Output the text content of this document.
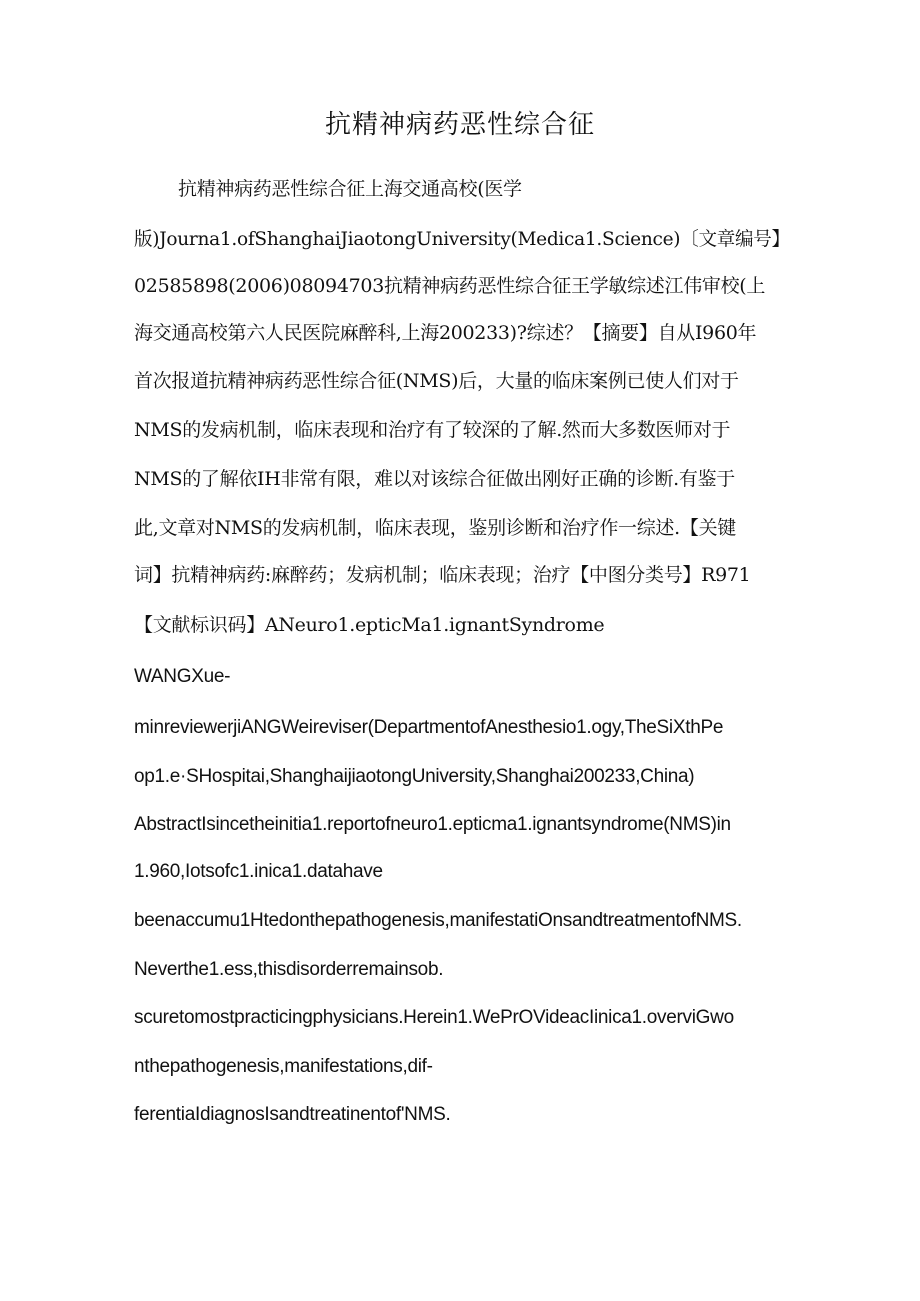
抗精神病药恶性综合征
抗精神病药恶性综合征上海交通高校(医学
版)Journa1.ofShanghaiJiaotongUniversity(Medica1.Science)〔文章编号】
02585898(2006)08094703抗精神病药恶性综合征王学敏综述江伟审校(上
海交通高校第六人民医院麻醉科,上海200233)?综述？【摘要】自从I960年
首次报道抗精神病药恶性综合征(NMS)后，大量的临床案例已使人们对于
NMS的发病机制，临床表现和治疗有了较深的了解.然而大多数医师对于
NMS的了解依IH非常有限，难以对该综合征做出刚好正确的诊断.有鉴于
此,文章对NMS的发病机制，临床表现，鉴别诊断和治疗作一综述.【关键
词】抗精神病药:麻醉药；发病机制；临床表现；治疗【中图分类号】R971
【文献标识码】ANeuro1.epticMa1.ignantSyndrome
WANGXue-
minreviewerjiANGWeireviser(DepartmentofAnesthesio1.ogy,TheSiXthPe
op1.e·SHospitai,ShanghaijiaotongUniversity,Shanghai200233,China)
AbstractIsincetheinitia1.reportofneuro1.epticma1.ignantsyndrome(NMS)in
1.960,Iotsofc1.inica1.datahave
beenaccumu1Htedonthepathogenesis,manifestatiOnsandtreatmentofNMS.
Neverthe1.ess,thisdisorderremainsob.
scuretomostpracticingphysicians.Herein1.WePrOVideacIinica1.overviGwo
nthepathogenesis,manifestations,dif-
ferentiaIdiagnosIsandtreatinentof'NMS.
